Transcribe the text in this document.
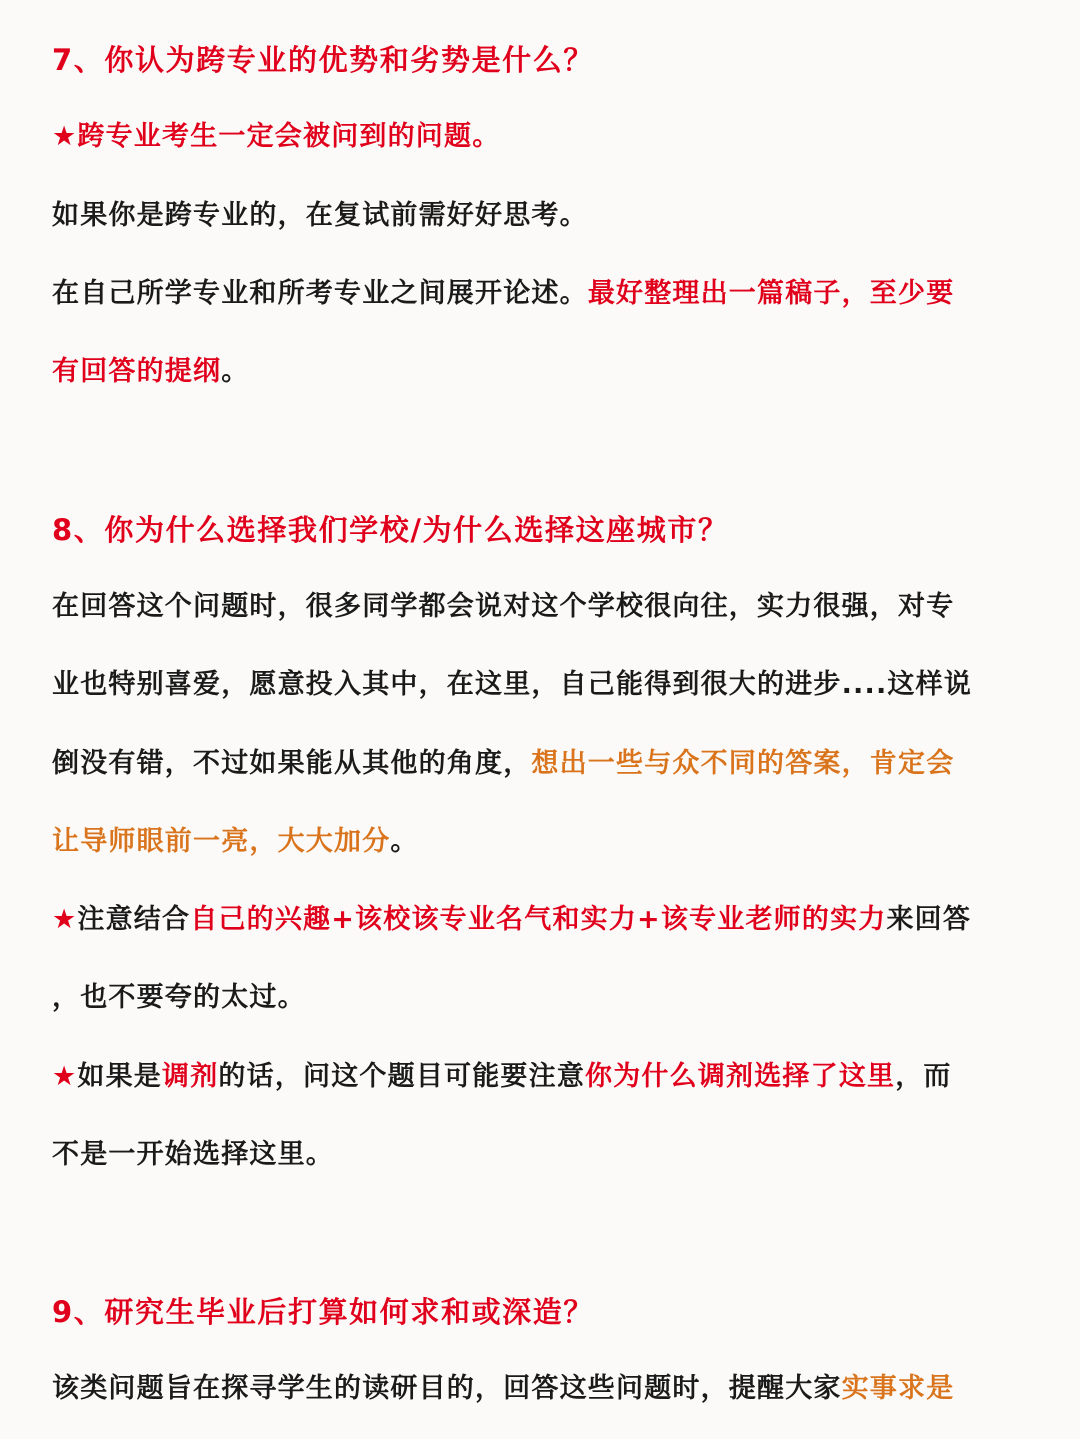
7、你认为跨专业的优势和劣势是什么？
★跨专业考生一定会被问到的问题。
如果你是跨专业的，在复试前需好好思考。
在自己所学专业和所考专业之间展开论述。最好整理出一篇稿子，至少要
有回答的提纲。
8、你为什么选择我们学校/为什么选择这座城市？
在回答这个问题时，很多同学都会说对这个学校很向往，实力很强，对专
业也特别喜爱，愿意投入其中，在这里，自己能得到很大的进步....这样说
倒没有错，不过如果能从其他的角度，想出一些与众不同的答案，肯定会
让导师眼前一亮，大大加分。
★注意结合自己的兴趣+该校该专业名气和实力+该专业老师的实力来回答
，也不要夸的太过。
★如果是调剂的话，问这个题目可能要注意你为什么调剂选择了这里，而
不是一开始选择这里。
9、研究生毕业后打算如何求和或深造？
该类问题旨在探寻学生的读研目的，回答这些问题时，提醒大家实事求是
